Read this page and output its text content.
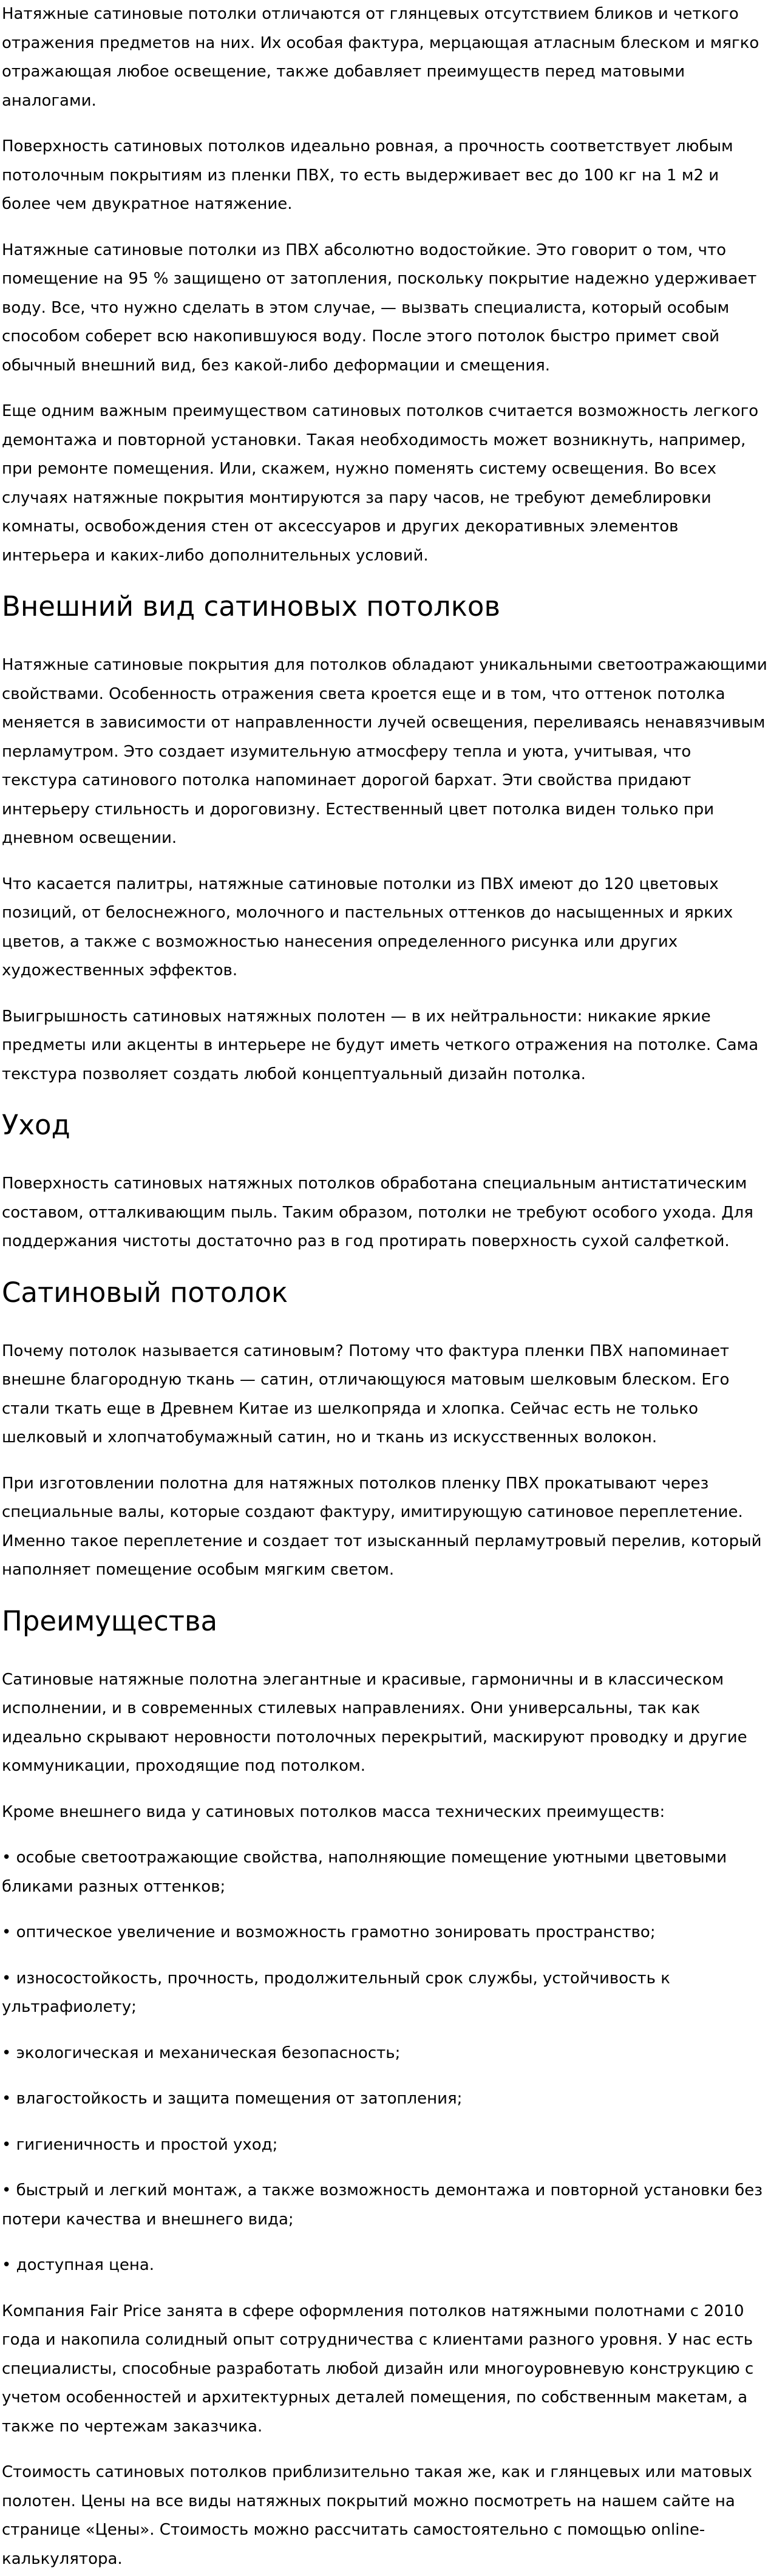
Натяжные сатиновые потолки отличаются от глянцевых отсутствием бликов и четкого отражения предметов на них. Их особая фактура, мерцающая атласным блеском и мягко отражающая любое освещение, также добавляет преимуществ перед матовыми аналогами.

Поверхность сатиновых потолков идеально ровная, а прочность соответствует любым потолочным покрытиям из пленки ПВХ, то есть выдерживает вес до 100 кг на 1 м2 и более чем двукратное натяжение.

Натяжные сатиновые потолки из ПВХ абсолютно водостойкие. Это говорит о том, что помещение на 95 % защищено от затопления, поскольку покрытие надежно удерживает воду. Все, что нужно сделать в этом случае, — вызвать специалиста, который особым способом соберет всю накопившуюся воду. После этого потолок быстро примет свой обычный внешний вид, без какой-либо деформации и смещения.

Еще одним важным преимуществом сатиновых потолков считается возможность легкого демонтажа и повторной установки. Такая необходимость может возникнуть, например, при ремонте помещения. Или, скажем, нужно поменять систему освещения. Во всех случаях натяжные покрытия монтируются за пару часов, не требуют демеблировки комнаты, освобождения стен от аксессуаров и других декоративных элементов интерьера и каких-либо дополнительных условий.

Внешний вид сатиновых потолков

Натяжные сатиновые покрытия для потолков обладают уникальными светоотражающими свойствами. Особенность отражения света кроется еще и в том, что оттенок потолка меняется в зависимости от направленности лучей освещения, переливаясь ненавязчивым перламутром. Это создает изумительную атмосферу тепла и уюта, учитывая, что текстура сатинового потолка напоминает дорогой бархат. Эти свойства придают интерьеру стильность и дороговизну. Естественный цвет потолка виден только при дневном освещении.

Что касается палитры, натяжные сатиновые потолки из ПВХ имеют до 120 цветовых позиций, от белоснежного, молочного и пастельных оттенков до насыщенных и ярких цветов, а также с возможностью нанесения определенного рисунка или других художественных эффектов.

Выигрышность сатиновых натяжных полотен — в их нейтральности: никакие яркие предметы или акценты в интерьере не будут иметь четкого отражения на потолке. Сама текстура позволяет создать любой концептуальный дизайн потолка.

Уход

Поверхность сатиновых натяжных потолков обработана специальным антистатическим составом, отталкивающим пыль. Таким образом, потолки не требуют особого ухода. Для поддержания чистоты достаточно раз в год протирать поверхность сухой салфеткой.

Сатиновый потолок

Почему потолок называется сатиновым? Потому что фактура пленки ПВХ напоминает внешне благородную ткань — сатин, отличающуюся матовым шелковым блеском. Его стали ткать еще в Древнем Китае из шелкопряда и хлопка. Сейчас есть не только шелковый и хлопчатобумажный сатин, но и ткань из искусственных волокон.

При изготовлении полотна для натяжных потолков пленку ПВХ прокатывают через специальные валы, которые создают фактуру, имитирующую сатиновое переплетение. Именно такое переплетение и создает тот изысканный перламутровый перелив, который наполняет помещение особым мягким светом.

Преимущества

Сатиновые натяжные полотна элегантные и красивые, гармоничны и в классическом исполнении, и в современных стилевых направлениях. Они универсальны, так как идеально скрывают неровности потолочных перекрытий, маскируют проводку и другие коммуникации, проходящие под потолком.

Кроме внешнего вида у сатиновых потолков масса технических преимуществ:

• особые светоотражающие свойства, наполняющие помещение уютными цветовыми бликами разных оттенков;

• оптическое увеличение и возможность грамотно зонировать пространство;

• износостойкость, прочность, продолжительный срок службы, устойчивость к ультрафиолету;

• экологическая и механическая безопасность;

• влагостойкость и защита помещения от затопления;

• гигиеничность и простой уход;

• быстрый и легкий монтаж, а также возможность демонтажа и повторной установки без потери качества и внешнего вида;

• доступная цена.

Компания Fair Price занята в сфере оформления потолков натяжными полотнами с 2010 года и накопила солидный опыт сотрудничества с клиентами разного уровня. У нас есть специалисты, способные разработать любой дизайн или многоуровневую конструкцию с учетом особенностей и архитектурных деталей помещения, по собственным макетам, а также по чертежам заказчика.

Стоимость сатиновых потолков приблизительно такая же, как и глянцевых или матовых полотен. Цены на все виды натяжных покрытий можно посмотреть на нашем сайте на странице «Цены». Стоимость можно рассчитать самостоятельно с помощью online-калькулятора.
